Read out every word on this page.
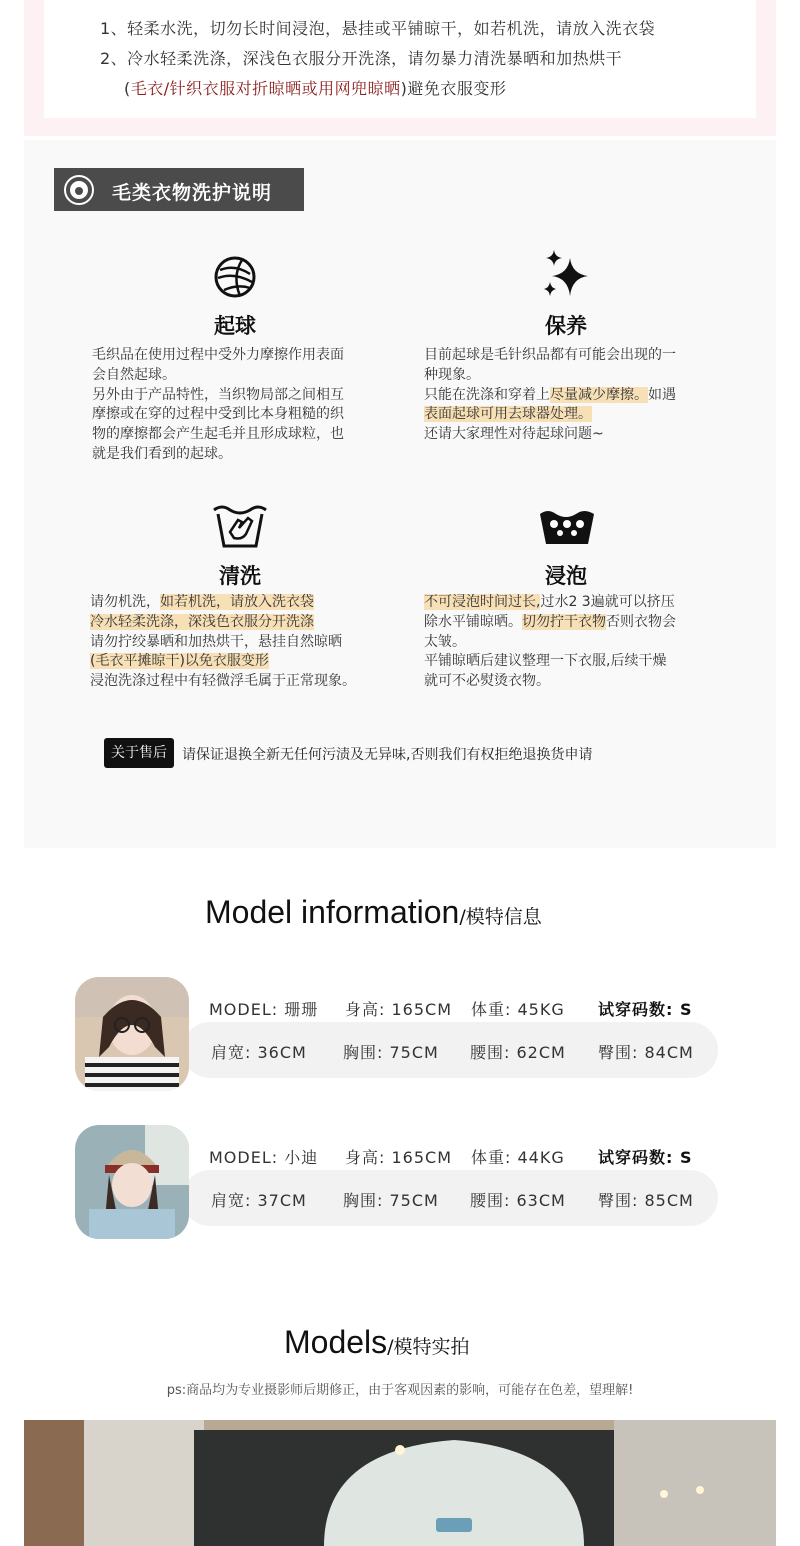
1、轻柔水洗，切勿长时间浸泡，悬挂或平铺晾干，如若机洗，请放入洗衣袋
2、冷水轻柔洗涤，深浅色衣服分开洗涤，请勿暴力清洗暴晒和加热烘干
(毛衣/针织衣服对折晾晒或用网兜晾晒)避免衣服变形
毛类衣物洗护说明
起球
毛织品在使用过程中受外力摩擦作用表面
会自然起球。
另外由于产品特性，当织物局部之间相互
摩擦或在穿的过程中受到比本身粗糙的织
物的摩擦都会产生起毛并且形成球粒，也
就是我们看到的起球。
保养
目前起球是毛针织品都有可能会出现的一
种现象。
只能在洗涤和穿着上尽量减少摩擦。如遇
表面起球可用去球器处理。
还请大家理性对待起球问题~
清洗
请勿机洗，如若机洗，请放入洗衣袋
冷水轻柔洗涤，深浅色衣服分开洗涤
请勿拧绞暴晒和加热烘干，悬挂自然晾晒
(毛衣平摊晾干)以免衣服变形
浸泡洗涤过程中有轻微浮毛属于正常现象。
浸泡
不可浸泡时间过长,过水2 3遍就可以挤压
除水平铺晾晒。切勿拧干衣物否则衣物会
太皱。
平铺晾晒后建议整理一下衣服,后续干燥
就可不必熨烫衣物。
关于售后	请保证退换全新无任何污渍及无异味,否则我们有权拒绝退换货申请
Model information/模特信息
MODEL: 珊珊 身高: 165CM 体重: 45KG 试穿码数: S
肩宽: 36CM 胸围: 75CM 腰围: 62CM 臀围: 84CM
MODEL: 小迪 身高: 165CM 体重: 44KG 试穿码数: S
肩宽: 37CM 胸围: 75CM 腰围: 63CM 臀围: 85CM
Models/模特实拍
ps:商品均为专业摄影师后期修正，由于客观因素的影响，可能存在色差，望理解!
